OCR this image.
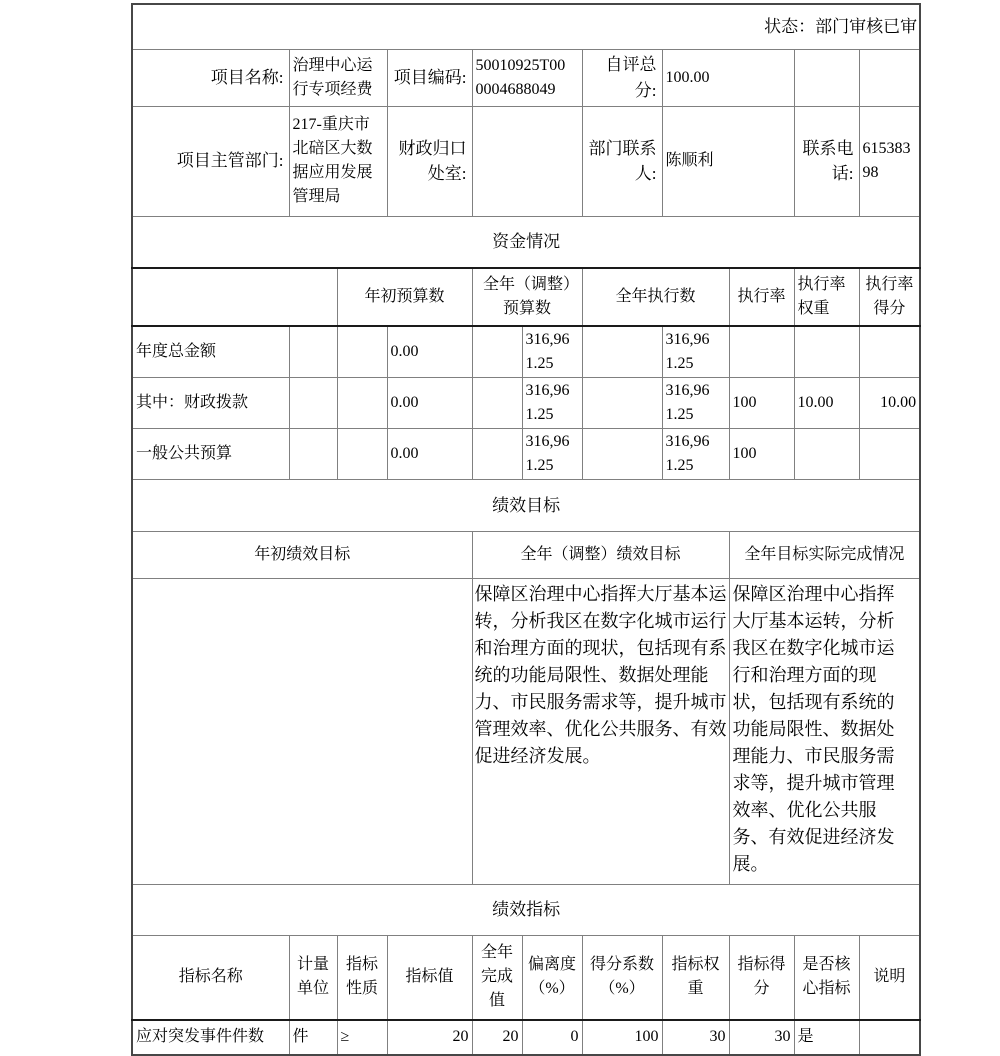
状态：部门审核已审										
项目名称:	治理中心运行专项经费		项目编码:	50010925T000004688049		自评总分:	100.00			
项目主管部门:	217-重庆市北碚区大数据应用发展管理局		财政归口处室:			部门联系人:	陈顺利		联系电话:	61538398
资金情况										
		年初预算数		全年（调整）预算数		全年执行数		执行率	执行率权重	执行率得分
年度总金额			0.00		316,961.25		316,961.25			
其中：财政拨款			0.00		316,961.25		316,961.25	100	10.00	10.00
一般公共预算			0.00		316,961.25		316,961.25	100		
绩效目标										
年初绩效目标				全年（调整）绩效目标				全年目标实际完成情况		
				保障区治理中心指挥大厅基本运转，分析我区在数字化城市运行和治理方面的现状，包括现有系统的功能局限性、数据处理能力、市民服务需求等，提升城市管理效率、优化公共服务、有效促进经济发展。				保障区治理中心指挥大厅基本运转，分析我区在数字化城市运行和治理方面的现状，包括现有系统的功能局限性、数据处理能力、市民服务需求等，提升城市管理效率、优化公共服务、有效促进经济发展。		
绩效指标										
指标名称	计量单位	指标性质	指标值	全年完成值	偏离度（%）	得分系数（%）	指标权重	指标得分	是否核心指标	说明
应对突发事件件数	件	≥	20	20	0	100	30	30	是	
